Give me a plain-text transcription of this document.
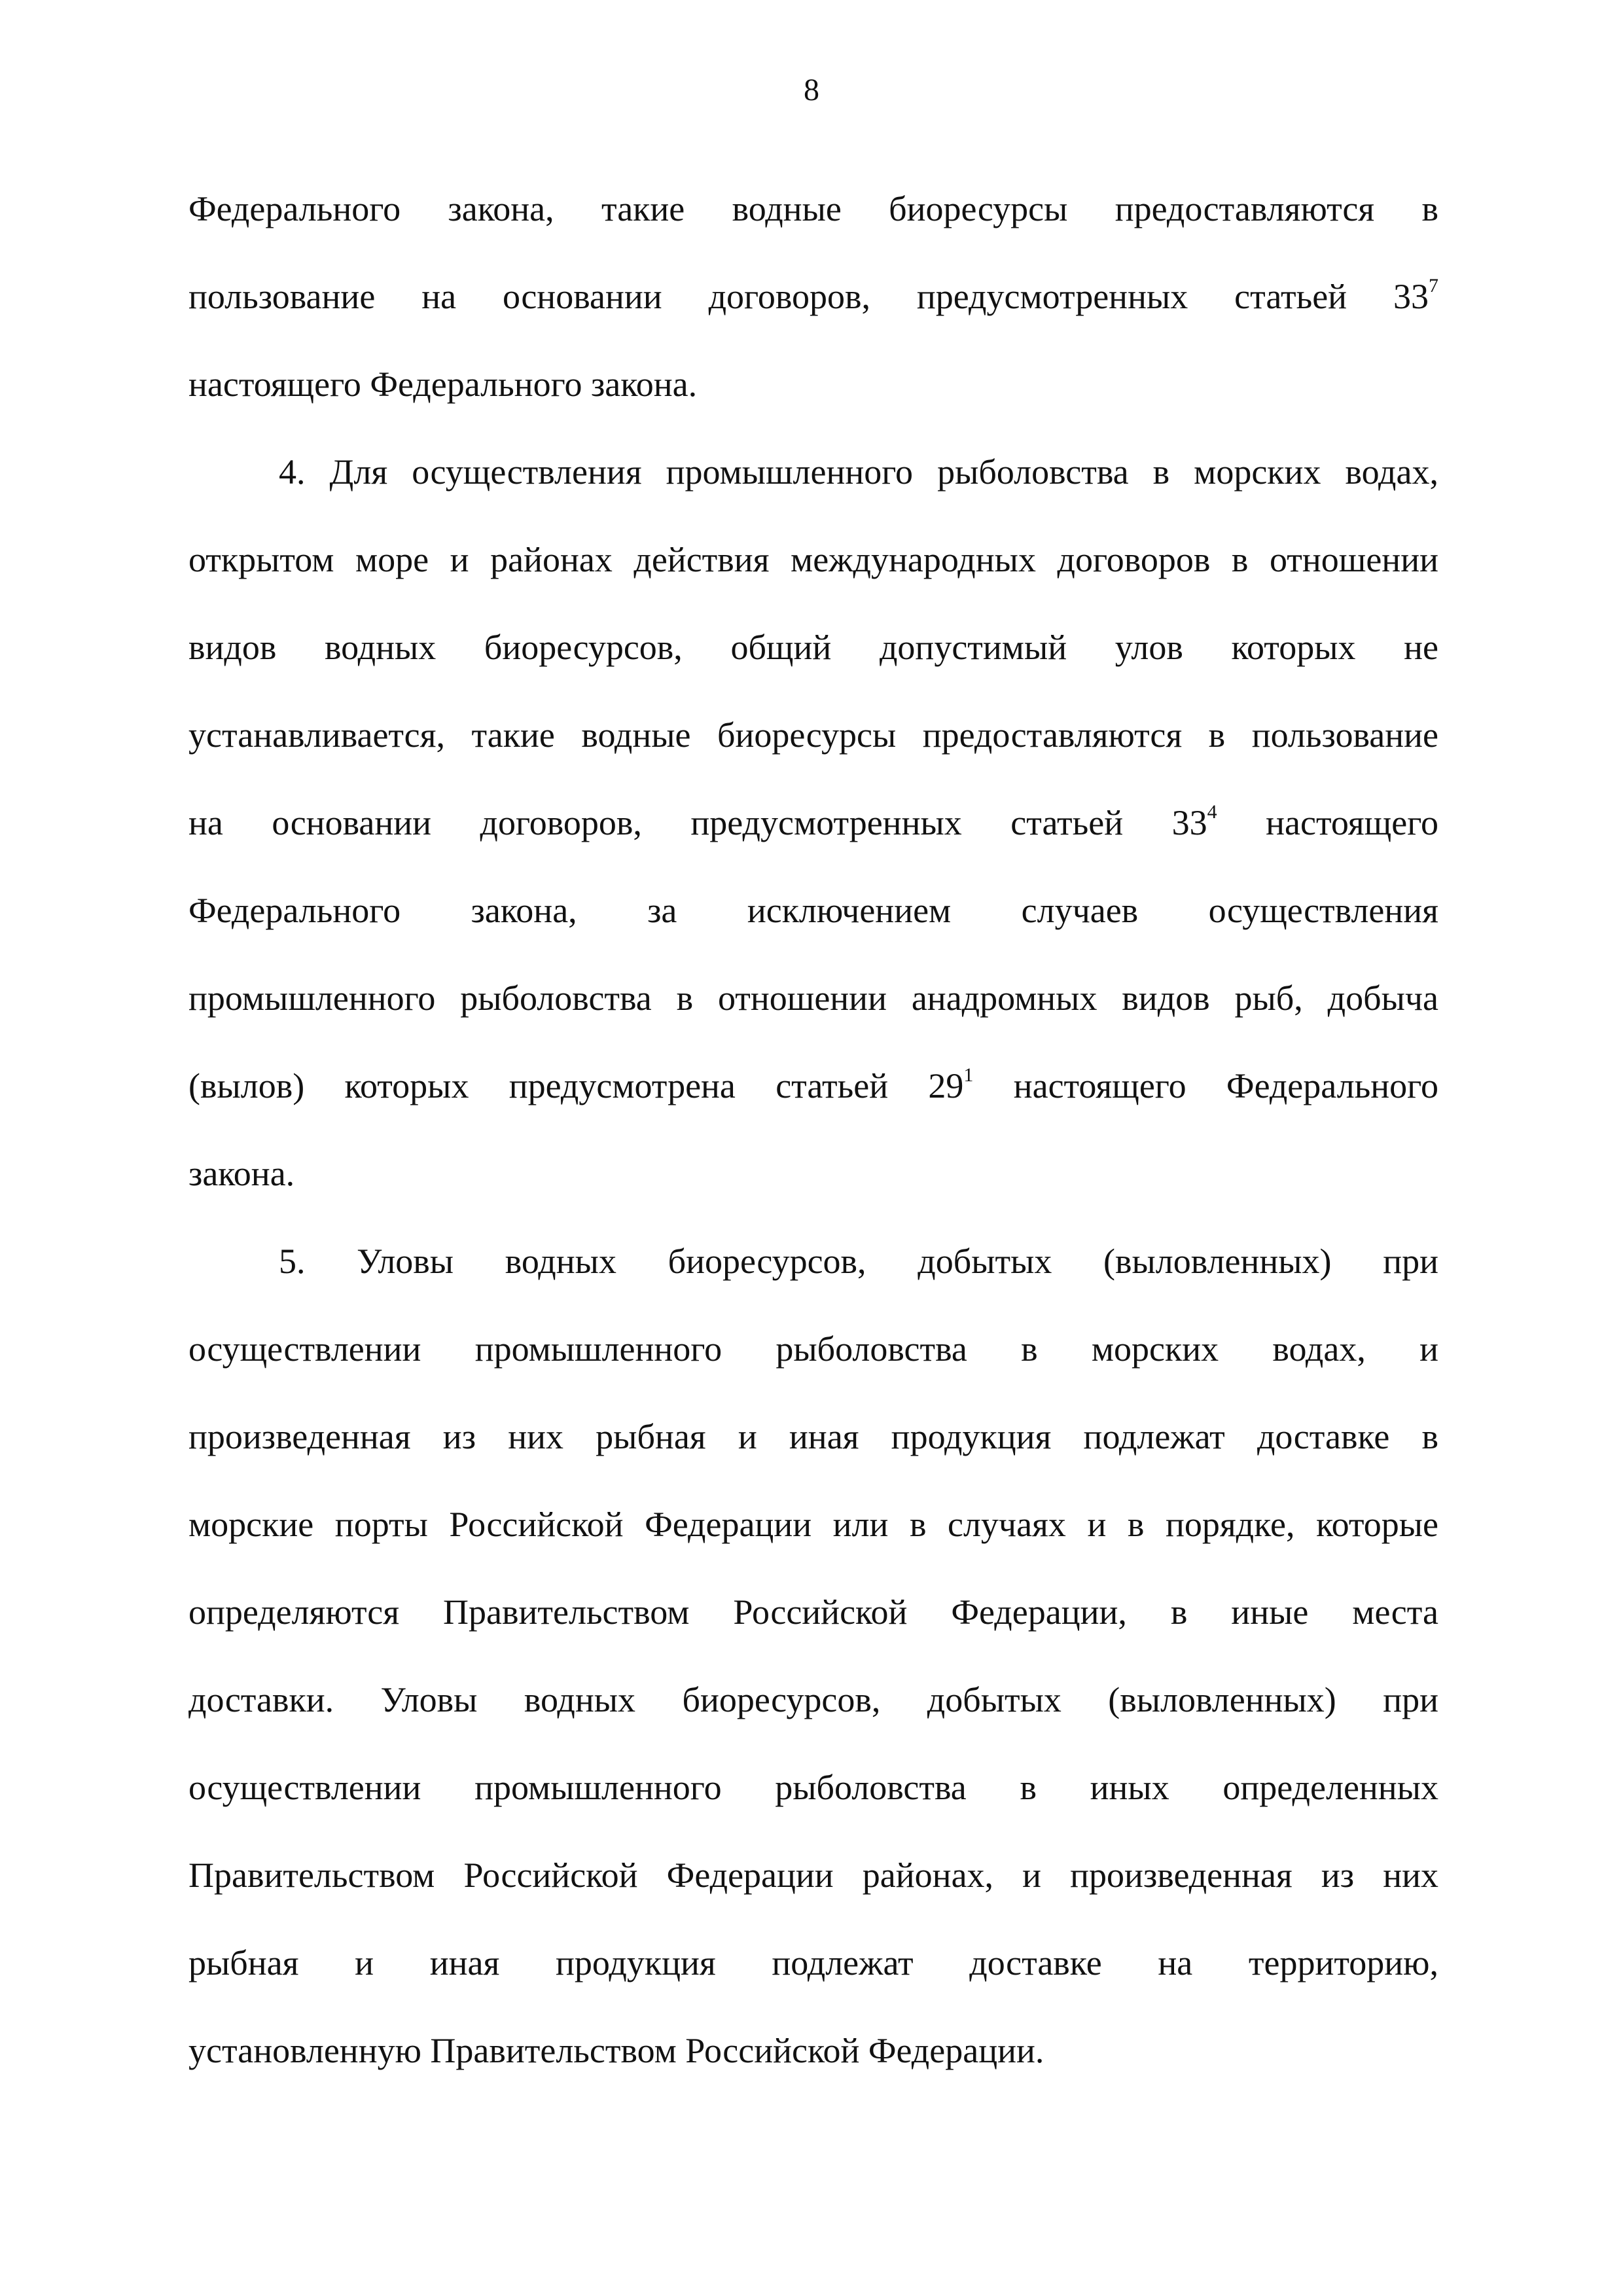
8
Федерального закона, такие водные биоресурсы предоставляются в
пользование на основании договоров, предусмотренных статьей $33^7$
настоящего Федерального закона.
4. Для осуществления промышленного рыболовства в морских водах,
открытом море и районах действия международных договоров в отношении
видов водных биоресурсов, общий допустимый улов которых не
устанавливается, такие водные биоресурсы предоставляются в пользование
на основании договоров, предусмотренных статьей $33^4$ настоящего
Федерального закона, за исключением случаев осуществления
промышленного рыболовства в отношении анадромных видов рыб, добыча
(вылов) которых предусмотрена статьей $29^1$ настоящего Федерального
закона.
5. Уловы водных биоресурсов, добытых (выловленных) при
осуществлении промышленного рыболовства в морских водах, и
произведенная из них рыбная и иная продукция подлежат доставке в
морские порты Российской Федерации или в случаях и в порядке, которые
определяются Правительством Российской Федерации, в иные места
доставки. Уловы водных биоресурсов, добытых (выловленных) при
осуществлении промышленного рыболовства в иных определенных
Правительством Российской Федерации районах, и произведенная из них
рыбная и иная продукция подлежат доставке на территорию,
установленную Правительством Российской Федерации.
